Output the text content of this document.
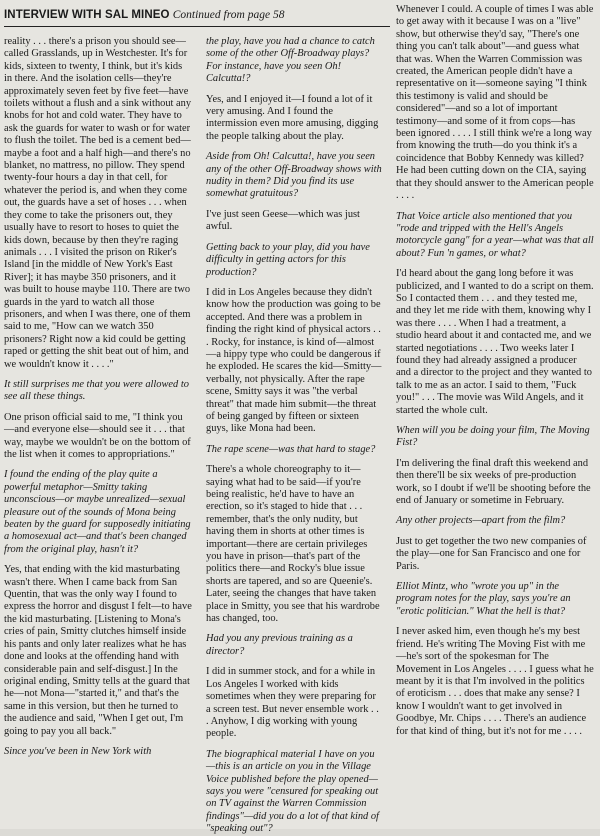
INTERVIEW WITH SAL MINEO Continued from page 58

reality . . . there's a prison you should see—called Grasslands, up in Westchester. It's for kids, sixteen to twenty, I think, but it's kids in there. And the isolation cells—they're approximately seven feet by five feet—have toilets without a flush and a sink without any knobs for hot and cold water. They have to ask the guards for water to wash or for water to flush the toilet. The bed is a cement bed—maybe a foot and a half high—and there's no blanket, no mattress, no pillow. They spend twenty-four hours a day in that cell, for whatever the period is, and when they come out, the guards have a set of hoses . . . when they come to take the prisoners out, they usually have to resort to hoses to quiet the kids down, because by then they're raging animals . . . I visited the prison on Riker's Island [in the middle of New York's East River]; it has maybe 350 prisoners, and it was built to house maybe 110. There are two guards in the yard to watch all those prisoners, and when I was there, one of them said to me, "How can we watch 350 prisoners? Right now a kid could be getting raped or getting the shit beat out of him, and we wouldn't know it . . . ."

It still surprises me that you were allowed to see all these things.

One prison official said to me, "I think you—and everyone else—should see it . . . that way, maybe we wouldn't be on the bottom of the list when it comes to appropriations."

I found the ending of the play quite a powerful metaphor—Smitty taking unconscious—or maybe unrealized—sexual pleasure out of the sounds of Mona being beaten by the guard for supposedly initiating a homosexual act—and that's been changed from the original play, hasn't it?

Yes, that ending with the kid masturbating wasn't there. When I came back from San Quentin, that was the only way I found to express the horror and disgust I felt—to have the kid masturbating. [Listening to Mona's cries of pain, Smitty clutches himself inside his pants and only later realizes what he has done and looks at the offending hand with considerable pain and self-disgust.] In the original ending, Smitty tells at the guard that he—not Mona—"started it," and that's the same in this version, but then he turned to the audience and said, "When I get out, I'm going to pay you all back."

Since you've been in New York with

the play, have you had a chance to catch some of the other Off-Broadway plays? For instance, have you seen Oh! Calcutta!?

Yes, and I enjoyed it—I found a lot of it very amusing. And I found the intermission even more amusing, digging the people talking about the play.

Aside from Oh! Calcutta!, have you seen any of the other Off-Broadway shows with nudity in them? Did you find its use somewhat gratuitous?

I've just seen Geese—which was just awful.

Getting back to your play, did you have difficulty in getting actors for this production?

I did in Los Angeles because they didn't know how the production was going to be accepted. And there was a problem in finding the right kind of physical actors . . . Rocky, for instance, is kind of—almost—a hippy type who could be dangerous if he exploded. He scares the kid—Smitty—verbally, not physically. After the rape scene, Smitty says it was "the verbal threat" that made him submit—the threat of being ganged by fifteen or sixteen guys, like Mona had been.

The rape scene—was that hard to stage?

There's a whole choreography to it—saying what had to be said—if you're being realistic, he'd have to have an erection, so it's staged to hide that . . . remember, that's the only nudity, but having them in shorts at other times is important—there are certain privileges you have in prison—that's part of the politics there—and Rocky's blue issue shorts are tapered, and so are Queenie's. Later, seeing the changes that have taken place in Smitty, you see that his wardrobe has changed, too.

Had you any previous training as a director?

I did in summer stock, and for a while in Los Angeles I worked with kids sometimes when they were preparing for a screen test. But never ensemble work . . . Anyhow, I dig working with young people.

The biographical material I have on you—this is an article on you in the Village Voice published before the play opened—says you were "censured for speaking out on TV against the Warren Commission findings"—did you do a lot of that kind of "speaking out"?

Whenever I could. A couple of times I was able to get away with it because I was on a "live" show, but otherwise they'd say, "There's one thing you can't talk about"—and guess what that was. When the Warren Commission was created, the American people didn't have a representative on it—someone saying "I think this testimony is valid and should be considered"—and so a lot of important testimony—and some of it from cops—has been ignored . . . . I still think we're a long way from knowing the truth—do you think it's a coincidence that Bobby Kennedy was killed? He had been cutting down on the CIA, saying that they should answer to the American people . . . .

That Voice article also mentioned that you "rode and tripped with the Hell's Angels motorcycle gang" for a year—what was that all about? Fun 'n games, or what?

I'd heard about the gang long before it was publicized, and I wanted to do a script on them. So I contacted them . . . and they tested me, and they let me ride with them, knowing why I was there . . . . When I had a treatment, a studio heard about it and contacted me, and we started negotiations . . . . Two weeks later I found they had already assigned a producer and a director to the project and they wanted to talk to me as an actor. I said to them, "Fuck you!" . . . The movie was Wild Angels, and it started the whole cult.

When will you be doing your film, The Moving Fist?

I'm delivering the final draft this weekend and then there'll be six weeks of pre-production work, so I doubt if we'll be shooting before the end of January or sometime in February.

Any other projects—apart from the film?

Just to get together the two new companies of the play—one for San Francisco and one for Paris.

Elliot Mintz, who "wrote you up" in the program notes for the play, says you're an "erotic politician." What the hell is that?

I never asked him, even though he's my best friend. He's writing The Moving Fist with me—he's sort of the spokesman for The Movement in Los Angeles . . . . I guess what he meant by it is that I'm involved in the politics of eroticism . . . does that make any sense? I know I wouldn't want to get involved in Goodbye, Mr. Chips . . . . There's an audience for that kind of thing, but it's not for me . . . .
